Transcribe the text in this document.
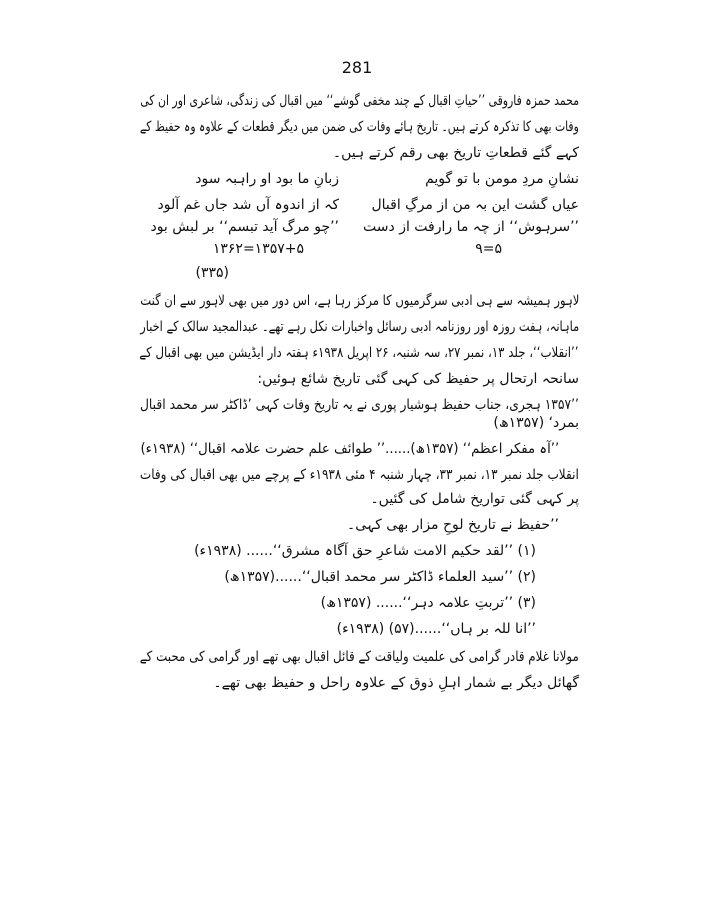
281
محمد حمزہ فاروقی ’’حیاتِ اقبال کے چند مخفی گوشے‘‘ میں اقبال کی زندگی، شاعری اور ان کی
وفات بھی کا تذکرہ کرتے ہیں۔ تاریخ ہائے وفات کی ضمن میں دیگر قطعات کے علاوہ وہ حفیظ کے
کہے گئے قطعاتِ تاریخ بھی رقم کرتے ہیں۔
نشانِ مردِ مومن با تو گویم
زبانِ ما بود او راہبہ سود
عیاں گشت این بہ من از مرگِ اقبال
کہ از اندوہ آں شد جاں غم آلود
’’سرہوش‘‘ از چہ ما رارفت از دست
’’چو مرگ آید تبسم‘‘ بر لبش بود
۵=۹
۱۳۵۷+۵=۱۳۶۲
(۳۳۵)
لاہور ہمیشہ سے ہی ادبی سرگرمیوں کا مرکز رہا ہے، اس دور میں بھی لاہور سے ان گنت
ماہانہ، ہفت روزہ اور روزنامہ ادبی رسائل واخبارات نکل رہے تھے۔ عبدالمجید سالک کے اخبار
’’انقلاب‘‘، جلد ۱۳، نمبر ۲۷، سہ شنبہ، ۲۶ اپریل ۱۹۳۸ء ہفتہ دار ایڈیشن میں بھی اقبال کے
سانحہ ارتحال پر حفیظ کی کہی گئی تاریخ شائع ہوئیں:
’’۱۳۵۷ ہجری، جناب حفیظ ہوشیار پوری نے یہ تاریخ وفات کہی ’ڈاکٹر سر محمد اقبال
بمرد‘ (۱۳۵۷ھ)
’’آہ مفکر اعظم‘‘ (۱۳۵۷ھ)......’’ طوائف علم حضرت علامہ اقبال‘‘ (۱۹۳۸ء)
انقلاب جلد نمبر ۱۳، نمبر ۳۳، چہار شنبہ ۴ مئی ۱۹۳۸ء کے پرچے میں بھی اقبال کی وفات
پر کہی گئی تواریخ شامل کی گئیں۔
’’حفیظ نے تاریخ لوحِ مزار بھی کہی۔
(۱) ’’لقد حکیم الامت شاعرِ حق آگاہ مشرق‘‘...... (۱۹۳۸ء)
(۲) ’’سید العلماء ڈاکٹر سر محمد اقبال‘‘......(۱۳۵۷ھ)
(۳) ’’تربتِ علامہ دہر‘‘...... (۱۳۵۷ھ)
’’انا للہ بر ہاں‘‘......(۵۷) (۱۹۳۸ء)
مولانا غلام قادر گرامی کی علمیت ولیاقت کے قائل اقبال بھی تھے اور گرامی کی محبت کے
گھائل دیگر بے شمار اہلِ ذوق کے علاوہ راحل و حفیظ بھی تھے۔
